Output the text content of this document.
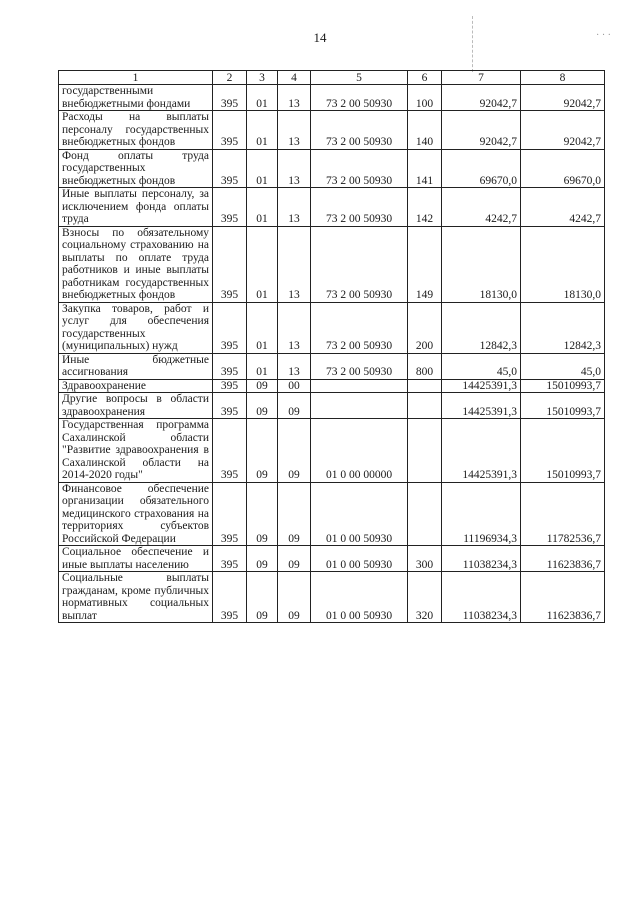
14	· · ·
1	2	3	4	5	6	7	8
государственными внебюджетными фондами	395	01	13	73 2 00 50930	100	92042,7	92042,7
Расходы на выплаты персоналу государственных внебюджетных фондов	395	01	13	73 2 00 50930	140	92042,7	92042,7
Фонд оплаты труда государственных внебюджетных фондов	395	01	13	73 2 00 50930	141	69670,0	69670,0
Иные выплаты персоналу, за исключением фонда оплаты труда	395	01	13	73 2 00 50930	142	4242,7	4242,7
Взносы по обязательному социальному страхованию на выплаты по оплате труда работников и иные выплаты работникам государственных внебюджетных фондов	395	01	13	73 2 00 50930	149	18130,0	18130,0
Закупка товаров, работ и услуг для обеспечения государственных (муниципальных) нужд	395	01	13	73 2 00 50930	200	12842,3	12842,3
Иные бюджетные ассигнования	395	01	13	73 2 00 50930	800	45,0	45,0
Здравоохранение	395	09	00			14425391,3	15010993,7
Другие вопросы в области здравоохранения	395	09	09			14425391,3	15010993,7
Государственная программа Сахалинской области "Развитие здравоохранения в Сахалинской области на 2014-2020 годы"	395	09	09	01 0 00 00000		14425391,3	15010993,7
Финансовое обеспечение организации обязательного медицинского страхования на территориях субъектов Российской Федерации	395	09	09	01 0 00 50930		11196934,3	11782536,7
Социальное обеспечение и иные выплаты населению	395	09	09	01 0 00 50930	300	11038234,3	11623836,7
Социальные выплаты гражданам, кроме публичных нормативных социальных выплат	395	09	09	01 0 00 50930	320	11038234,3	11623836,7
